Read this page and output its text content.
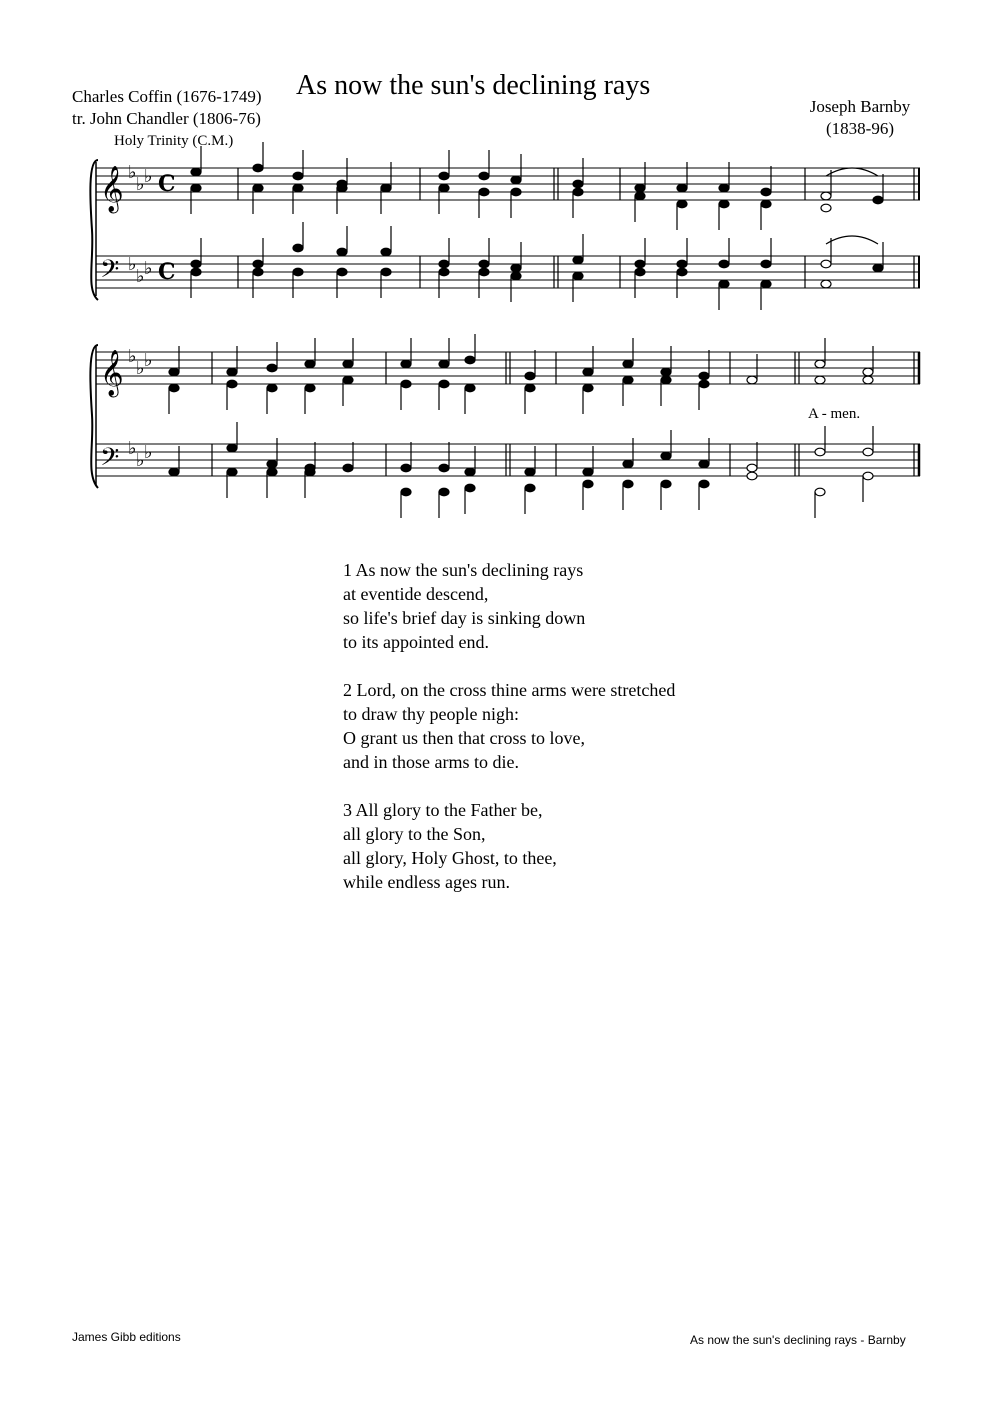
As now the sun's declining rays
Charles Coffin (1676-1749)
tr. John Chandler (1806-76)
Joseph Barnby
(1838-96)
Holy Trinity (C.M.)
𝄞
𝄢
𝄞
𝄢
♭
♭ ♭
♭
♭ ♭
♭
♭ ♭
♭
♭ ♭
C
C
A - men.
1 As now the sun's declining rays
at eventide descend,
so life's brief day is sinking down
to its appointed end.
2 Lord, on the cross thine arms were stretched
to draw thy people nigh:
O grant us then that cross to love,
and in those arms to die.
3 All glory to the Father be,
all glory to the Son,
all glory, Holy Ghost, to thee,
while endless ages run.
James Gibb editions	As now the sun's declining rays - Barnby
